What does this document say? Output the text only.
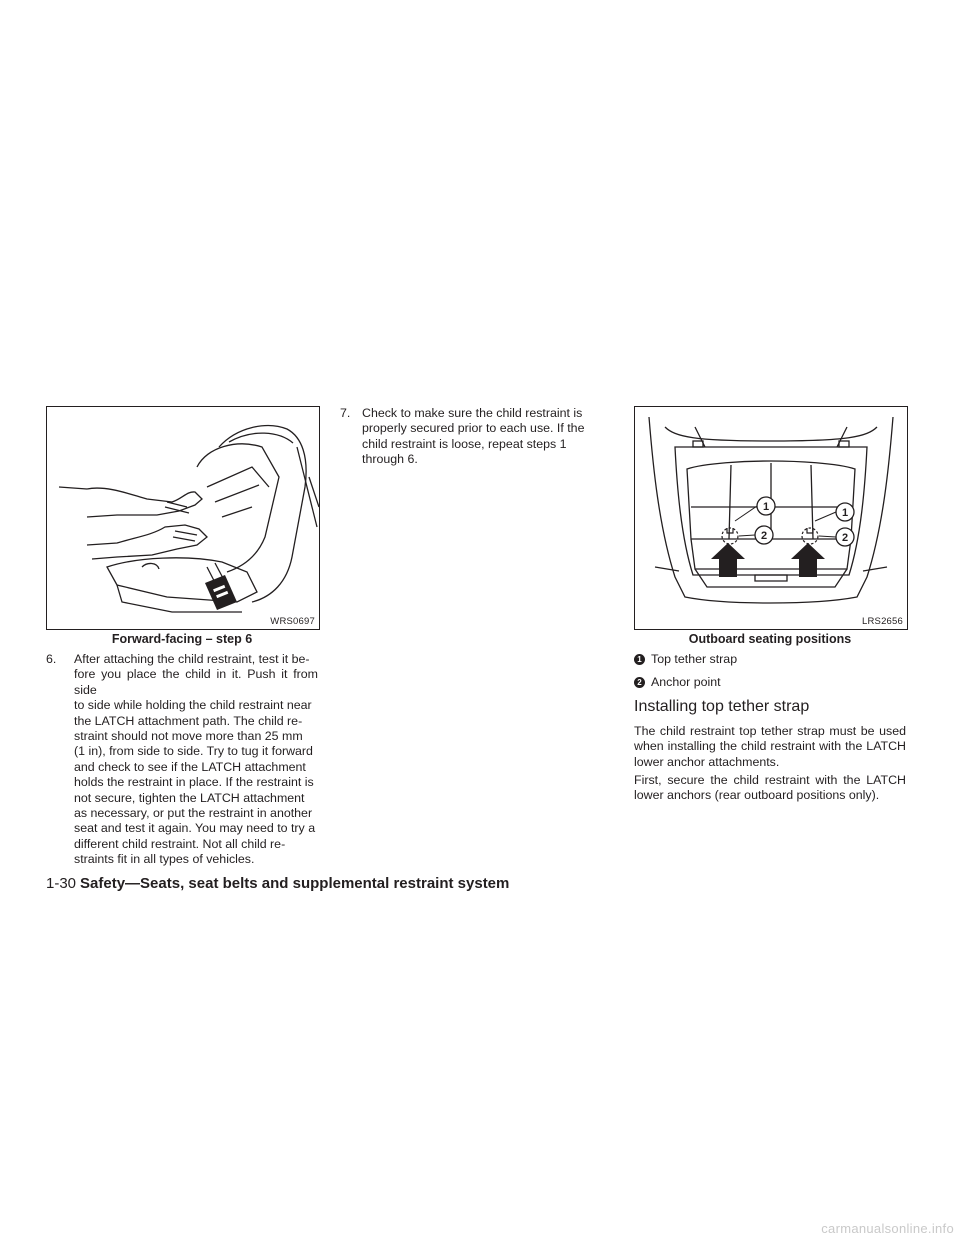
WRS0697
Forward-facing – step 6
6. After attaching the child restraint, test it be-
fore you place the child in it. Push it from side
to side while holding the child restraint near
the LATCH attachment path. The child re-
straint should not move more than 25 mm
(1 in), from side to side. Try to tug it forward
and check to see if the LATCH attachment
holds the restraint in place. If the restraint is
not secure, tighten the LATCH attachment
as necessary, or put the restraint in another
seat and test it again. You may need to try a
different child restraint. Not all child re-
straints fit in all types of vehicles.
7. Check to make sure the child restraint is
properly secured prior to each use. If the
child restraint is loose, repeat steps 1
through 6.
1
2
1
2
LRS2656
Outboard seating positions
1 Top tether strap
2 Anchor point
Installing top tether strap
The child restraint top tether strap must be used when installing the child restraint with the LATCH lower anchor attachments.
First, secure the child restraint with the LATCH lower anchors (rear outboard positions only).
1-30 Safety—Seats, seat belts and supplemental restraint system
carmanualsonline.info
